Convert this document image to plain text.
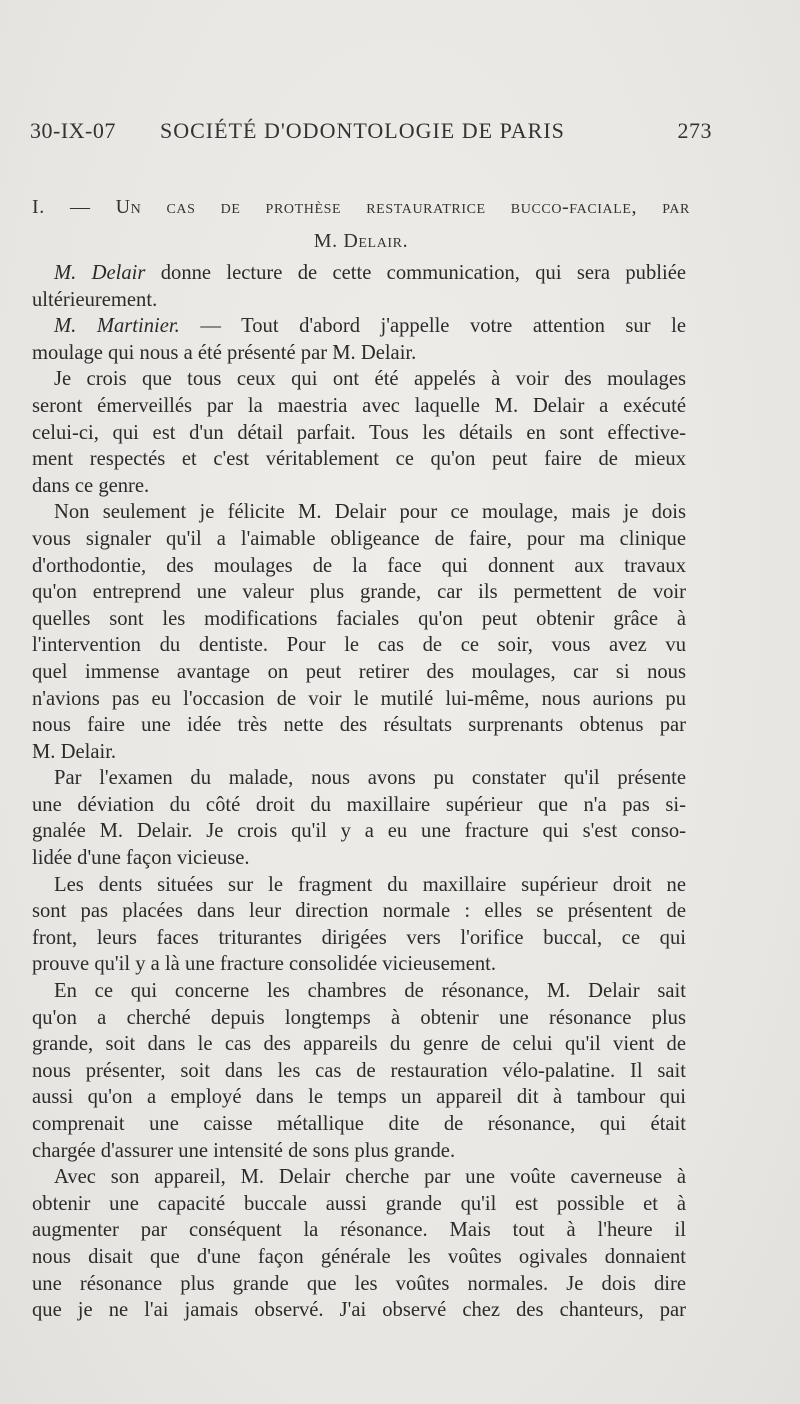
30-IX-07 SOCIÉTÉ D'ODONTOLOGIE DE PARIS	273
I. — Un cas de prothèse restauratrice bucco-faciale, par
M. Delair.
M. Delair donne lecture de cette communication, qui sera publiée
ultérieurement.
M. Martinier. — Tout d'abord j'appelle votre attention sur le
moulage qui nous a été présenté par M. Delair.
Je crois que tous ceux qui ont été appelés à voir des moulages
seront émerveillés par la maestria avec laquelle M. Delair a exécuté
celui-ci, qui est d'un détail parfait. Tous les détails en sont effective-
ment respectés et c'est véritablement ce qu'on peut faire de mieux
dans ce genre.
Non seulement je félicite M. Delair pour ce moulage, mais je dois
vous signaler qu'il a l'aimable obligeance de faire, pour ma clinique
d'orthodontie, des moulages de la face qui donnent aux travaux
qu'on entreprend une valeur plus grande, car ils permettent de voir
quelles sont les modifications faciales qu'on peut obtenir grâce à
l'intervention du dentiste. Pour le cas de ce soir, vous avez vu
quel immense avantage on peut retirer des moulages, car si nous
n'avions pas eu l'occasion de voir le mutilé lui-même, nous aurions pu
nous faire une idée très nette des résultats surprenants obtenus par
M. Delair.
Par l'examen du malade, nous avons pu constater qu'il présente
une déviation du côté droit du maxillaire supérieur que n'a pas si-
gnalée M. Delair. Je crois qu'il y a eu une fracture qui s'est conso-
lidée d'une façon vicieuse.
Les dents situées sur le fragment du maxillaire supérieur droit ne
sont pas placées dans leur direction normale : elles se présentent de
front, leurs faces triturantes dirigées vers l'orifice buccal, ce qui
prouve qu'il y a là une fracture consolidée vicieusement.
En ce qui concerne les chambres de résonance, M. Delair sait
qu'on a cherché depuis longtemps à obtenir une résonance plus
grande, soit dans le cas des appareils du genre de celui qu'il vient de
nous présenter, soit dans les cas de restauration vélo-palatine. Il sait
aussi qu'on a employé dans le temps un appareil dit à tambour qui
comprenait une caisse métallique dite de résonance, qui était
chargée d'assurer une intensité de sons plus grande.
Avec son appareil, M. Delair cherche par une voûte caverneuse à
obtenir une capacité buccale aussi grande qu'il est possible et à
augmenter par conséquent la résonance. Mais tout à l'heure il
nous disait que d'une façon générale les voûtes ogivales donnaient
une résonance plus grande que les voûtes normales. Je dois dire
que je ne l'ai jamais observé. J'ai observé chez des chanteurs, par
